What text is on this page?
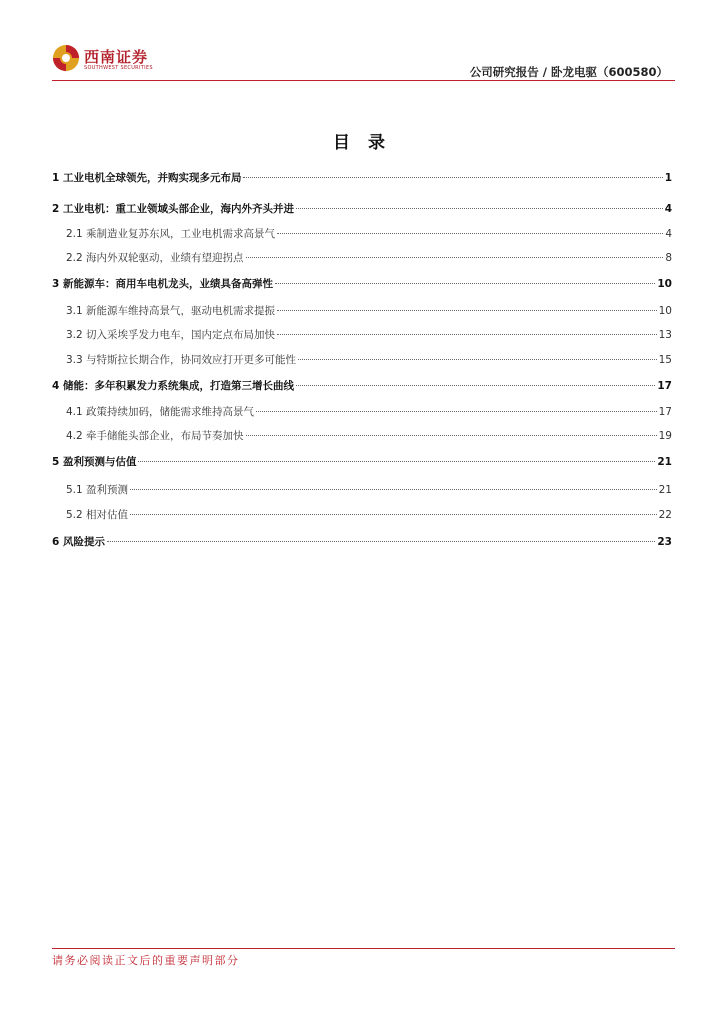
西南证券
SOUTHWEST SECURITIES	公司研究报告 / 卧龙电驱（600580）
目 录
1 工业电机全球领先，并购实现多元布局	1
2 工业电机：重工业领域头部企业，海内外齐头并进	4
2.1 乘制造业复苏东风，工业电机需求高景气	4
2.2 海内外双轮驱动，业绩有望迎拐点	8
3 新能源车：商用车电机龙头，业绩具备高弹性	10
3.1 新能源车维持高景气，驱动电机需求提振	10
3.2 切入采埃孚发力电车，国内定点布局加快	13
3.3 与特斯拉长期合作，协同效应打开更多可能性	15
4 储能：多年积累发力系统集成，打造第三增长曲线	17
4.1 政策持续加码，储能需求维持高景气	17
4.2 牵手储能头部企业，布局节奏加快	19
5 盈利预测与估值	21
5.1 盈利预测	21
5.2 相对估值	22
6 风险提示	23
请务必阅读正文后的重要声明部分
